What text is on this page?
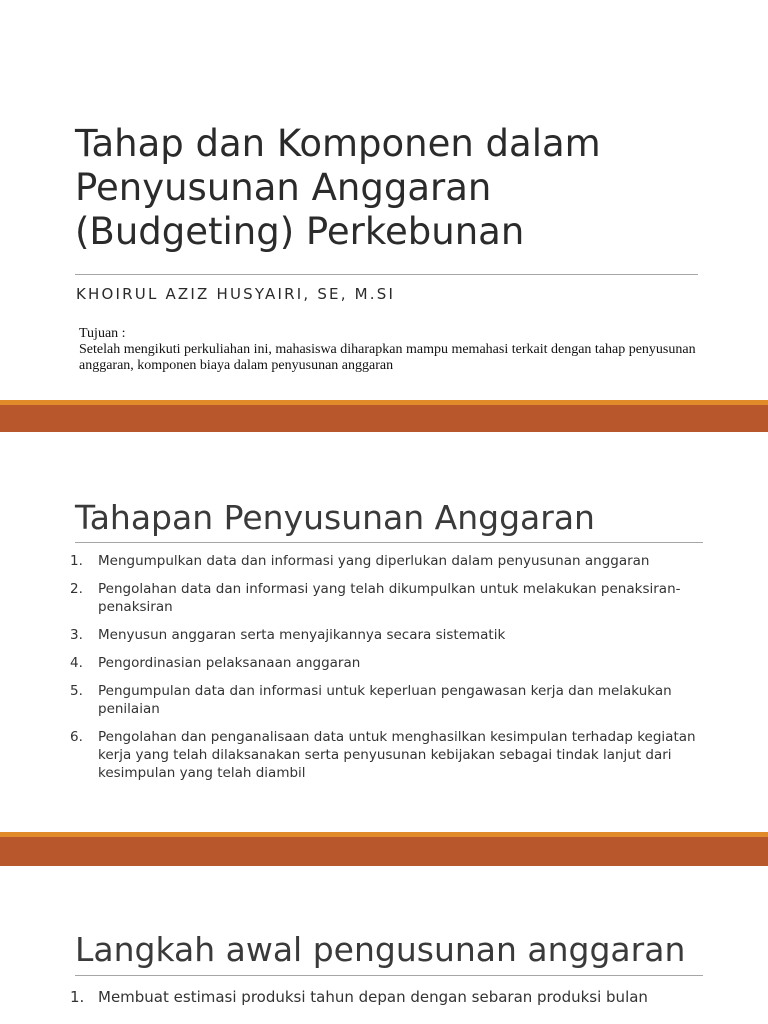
Tahap dan Komponen dalam Penyusunan Anggaran (Budgeting) Perkebunan

KHOIRUL AZIZ HUSYAIRI, SE, M.SI

Tujuan :
Setelah mengikuti perkuliahan ini, mahasiswa diharapkan mampu memahasi terkait dengan tahap penyusunan anggaran, komponen biaya dalam penyusunan anggaran
Tahapan Penyusunan Anggaran
1. Mengumpulkan data dan informasi yang diperlukan dalam penyusunan anggaran
2. Pengolahan data dan informasi yang telah dikumpulkan untuk melakukan penaksiran-penaksiran
3. Menyusun anggaran serta menyajikannya secara sistematik
4. Pengordinasian pelaksanaan anggaran
5. Pengumpulan data dan informasi untuk keperluan pengawasan kerja dan melakukan penilaian
6. Pengolahan dan penganalisaan data untuk menghasilkan kesimpulan terhadap kegiatan kerja yang telah dilaksanakan serta penyusunan kebijakan sebagai tindak lanjut dari kesimpulan yang telah diambil
Langkah awal pengusunan anggaran
1. Membuat estimasi produksi tahun depan dengan sebaran produksi bulan
